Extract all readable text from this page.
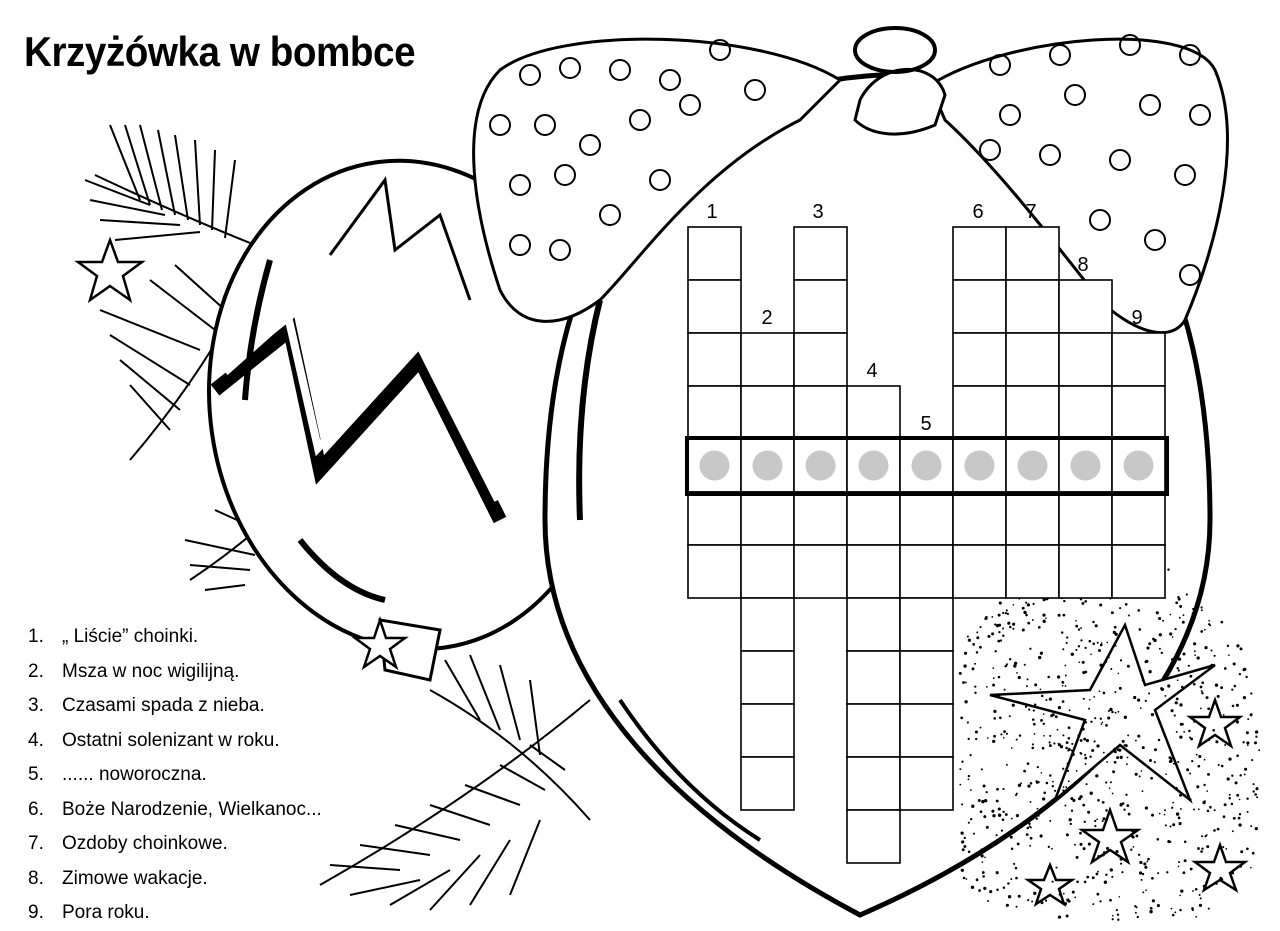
Krzyżówka w bombce
1
2
3
4
5
6 7
8
9
1. „ Liście” choinki.
2. Msza w noc wigilijną.
3. Czasami spada z nieba.
4. Ostatni solenizant w roku.
5. ...... noworoczna.
6. Boże Narodzenie, Wielkanoc...
7. Ozdoby choinkowe.
8. Zimowe wakacje.
9. Pora roku.
